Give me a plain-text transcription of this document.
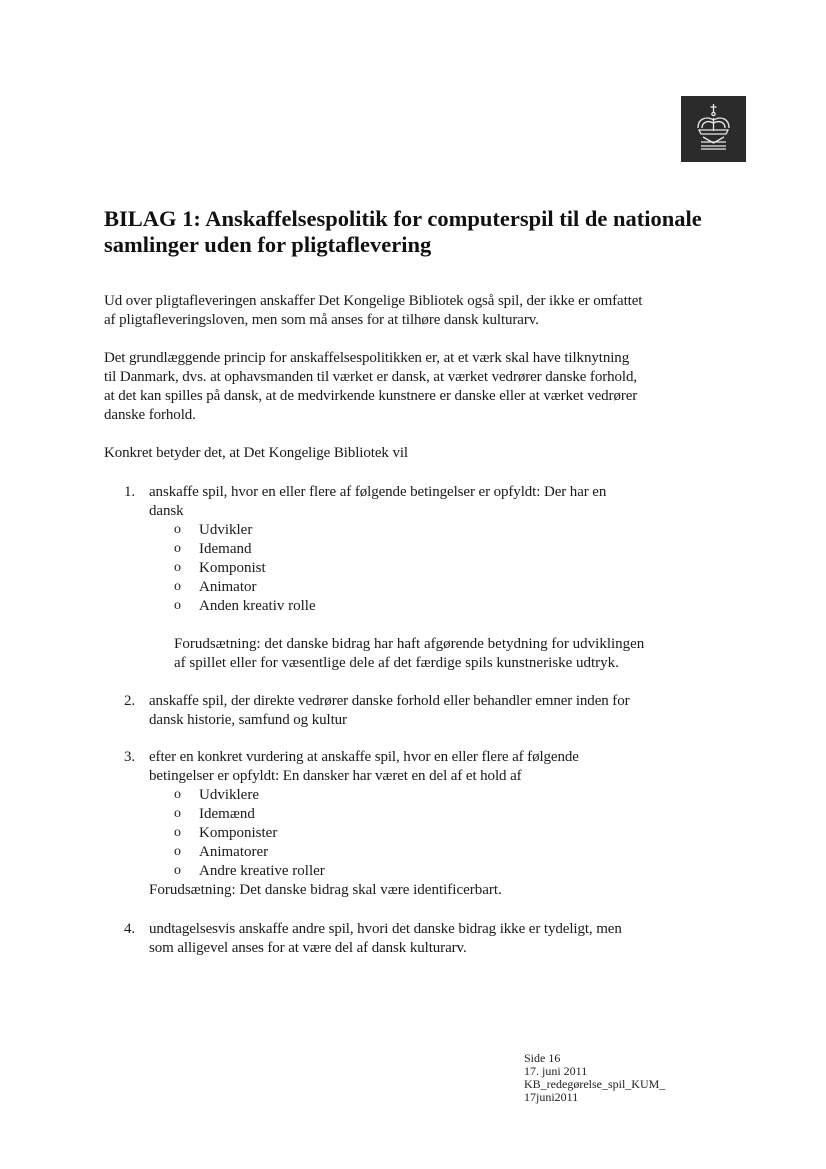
BILAG 1: Anskaffelsespolitik for computerspil til de nationale
samlinger uden for pligtaflevering

Ud over pligtafleveringen anskaffer Det Kongelige Bibliotek også spil, der ikke er omfattet
af pligtafleveringsloven, men som må anses for at tilhøre dansk kulturarv.

Det grundlæggende princip for anskaffelsespolitikken er, at et værk skal have tilknytning
til Danmark, dvs. at ophavsmanden til værket er dansk, at værket vedrører danske forhold,
at det kan spilles på dansk, at de medvirkende kunstnere er danske eller at værket vedrører
danske forhold.

Konkret betyder det, at Det Kongelige Bibliotek vil

1. anskaffe spil, hvor en eller flere af følgende betingelser er opfyldt: Der har en
dansk
o Udvikler
o Idemand
o Komponist
o Animator
o Anden kreativ rolle
Forudsætning: det danske bidrag har haft afgørende betydning for udviklingen
af spillet eller for væsentlige dele af det færdige spils kunstneriske udtryk.
2. anskaffe spil, der direkte vedrører danske forhold eller behandler emner inden for
dansk historie, samfund og kultur
3. efter en konkret vurdering at anskaffe spil, hvor en eller flere af følgende
betingelser er opfyldt: En dansker har været en del af et hold af
o Udviklere
o Idemænd
o Komponister
o Animatorer
o Andre kreative roller
Forudsætning: Det danske bidrag skal være identificerbart.
4. undtagelsesvis anskaffe andre spil, hvori det danske bidrag ikke er tydeligt, men
som alligevel anses for at være del af dansk kulturarv.
Side 16
17. juni 2011
KB_redegørelse_spil_KUM_
17juni2011
